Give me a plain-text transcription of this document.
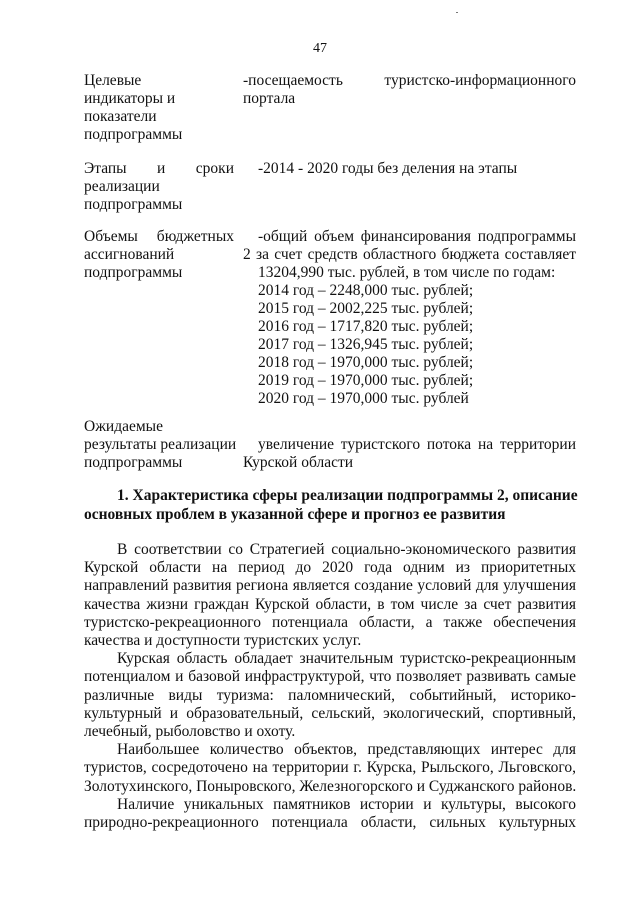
47
Целевые
индикаторы и
показатели
подпрограммы
-посещаемость туристско-информационного
портала
Этапы и сроки
реализации
подпрограммы
-2014 - 2020 годы без деления на этапы
Объемы бюджетных
ассигнований
подпрограммы
-общий объем финансирования подпрограммы
2 за счет средств областного бюджета составляет
13204,990 тыс. рублей, в том числе по годам:
2014 год – 2248,000 тыс. рублей;
2015 год – 2002,225 тыс. рублей;
2016 год – 1717,820 тыс. рублей;
2017 год – 1326,945 тыс. рублей;
2018 год – 1970,000 тыс. рублей;
2019 год – 1970,000 тыс. рублей;
2020 год – 1970,000 тыс. рублей
Ожидаемые
результаты реализации
подпрограммы
увеличение туристского потока на территории
Курской области
1. Характеристика сферы реализации подпрограммы 2, описание
основных проблем в указанной сфере и прогноз ее развития
В соответствии со Стратегией социально-экономического развития
Курской области на период до 2020 года одним из приоритетных
направлений развития региона является создание условий для улучшения
качества жизни граждан Курской области, в том числе за счет развития
туристско-рекреационного потенциала области, а также обеспечения
качества и доступности туристских услуг.
Курская область обладает значительным туристско-рекреационным
потенциалом и базовой инфраструктурой, что позволяет развивать самые
различные виды туризма: паломнический, событийный, историко-
культурный и образовательный, сельский, экологический, спортивный,
лечебный, рыболовство и охоту.
Наибольшее количество объектов, представляющих интерес для
туристов, сосредоточено на территории г. Курска, Рыльского, Льговского,
Золотухинского, Поныровского, Железногорского и Суджанского районов.
Наличие уникальных памятников истории и культуры, высокого
природно-рекреационного потенциала области, сильных культурных
